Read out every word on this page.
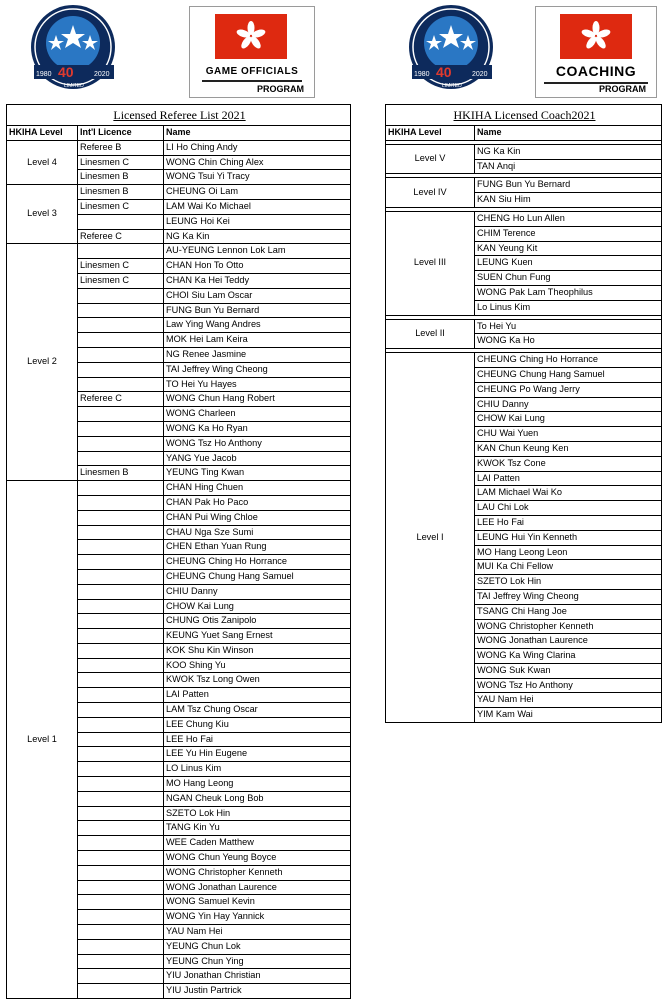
40
1980	2020
LIMITED
GAME OFFICIALS
PROGRAM
40
1980	2020
LIMITED
COACHING
PROGRAM
Licensed Referee List 2021		
HKIHA Level	Int'l Licence	Name
Level 4	Referee B	LI Ho Ching Andy
	Linesmen C	WONG Chin Ching Alex
	Linesmen B	WONG Tsui Yi Tracy
Level 3	Linesmen B	CHEUNG Oi Lam
	Linesmen C	LAM Wai Ko Michael
		LEUNG Hoi Kei
	Referee C	NG Ka Kin
Level 2		AU-YEUNG Lennon Lok Lam
	Linesmen C	CHAN Hon To Otto
	Linesmen C	CHAN Ka Hei Teddy
		CHOI Siu Lam Oscar
		FUNG Bun Yu Bernard
		Law Ying Wang Andres
		MOK Hei Lam Keira
		NG Renee Jasmine
		TAI Jeffrey Wing Cheong
		TO Hei Yu Hayes
	Referee C	WONG Chun Hang Robert
		WONG Charleen
		WONG Ka Ho Ryan
		WONG Tsz Ho Anthony
		YANG Yue Jacob
	Linesmen B	YEUNG Ting Kwan
Level 1		CHAN Hing Chuen
		CHAN Pak Ho Paco
		CHAN Pui Wing Chloe
		CHAU Nga Sze Sumi
		CHEN Ethan Yuan Rung
		CHEUNG Ching Ho Horrance
		CHEUNG Chung Hang Samuel
		CHIU Danny
		CHOW Kai Lung
		CHUNG Otis Zanipolo
		KEUNG Yuet Sang Ernest
		KOK Shu Kin Winson
		KOO Shing Yu
		KWOK Tsz Long Owen
		LAI Patten
		LAM Tsz Chung Oscar
		LEE Chung Kiu
		LEE Ho Fai
		LEE Yu Hin Eugene
		LO Linus Kim
		MO Hang Leong
		NGAN Cheuk Long Bob
		SZETO Lok Hin
		TANG Kin Yu
		WEE Caden Matthew
		WONG Chun Yeung Boyce
		WONG Christopher Kenneth
		WONG Jonathan Laurence
		WONG Samuel Kevin
		WONG Yin Hay Yannick
		YAU Nam Hei
		YEUNG Chun Lok
		YEUNG Chun Ying
		YIU Jonathan Christian
		YIU Justin Partrick
HKIHA Licensed Coach2021	
HKIHA Level	Name

Level V	NG Ka Kin
	TAN Anqi

Level IV	FUNG Bun Yu Bernard
	KAN Siu Him

Level III	CHENG Ho Lun Allen
	CHIM Terence
	KAN Yeung Kit
	LEUNG Kuen
	SUEN Chun Fung
	WONG Pak Lam Theophilus
	Lo Linus Kim

Level II	To Hei Yu
	WONG Ka Ho

Level I	CHEUNG Ching Ho Horrance
	CHEUNG Chung Hang Samuel
	CHEUNG Po Wang Jerry
	CHIU Danny
	CHOW Kai Lung
	CHU Wai Yuen
	KAN Chun Keung Ken
	KWOK Tsz Cone
	LAI Patten
	LAM Michael Wai Ko
	LAU Chi Lok
	LEE Ho Fai
	LEUNG Hui Yin Kenneth
	MO Hang Leong Leon
	MUI Ka Chi Fellow
	SZETO Lok Hin
	TAI Jeffrey Wing Cheong
	TSANG Chi Hang Joe
	WONG Christopher Kenneth
	WONG Jonathan Laurence
	WONG Ka Wing Clarina
	WONG Suk Kwan
	WONG Tsz Ho Anthony
	YAU Nam Hei
	YIM Kam Wai
